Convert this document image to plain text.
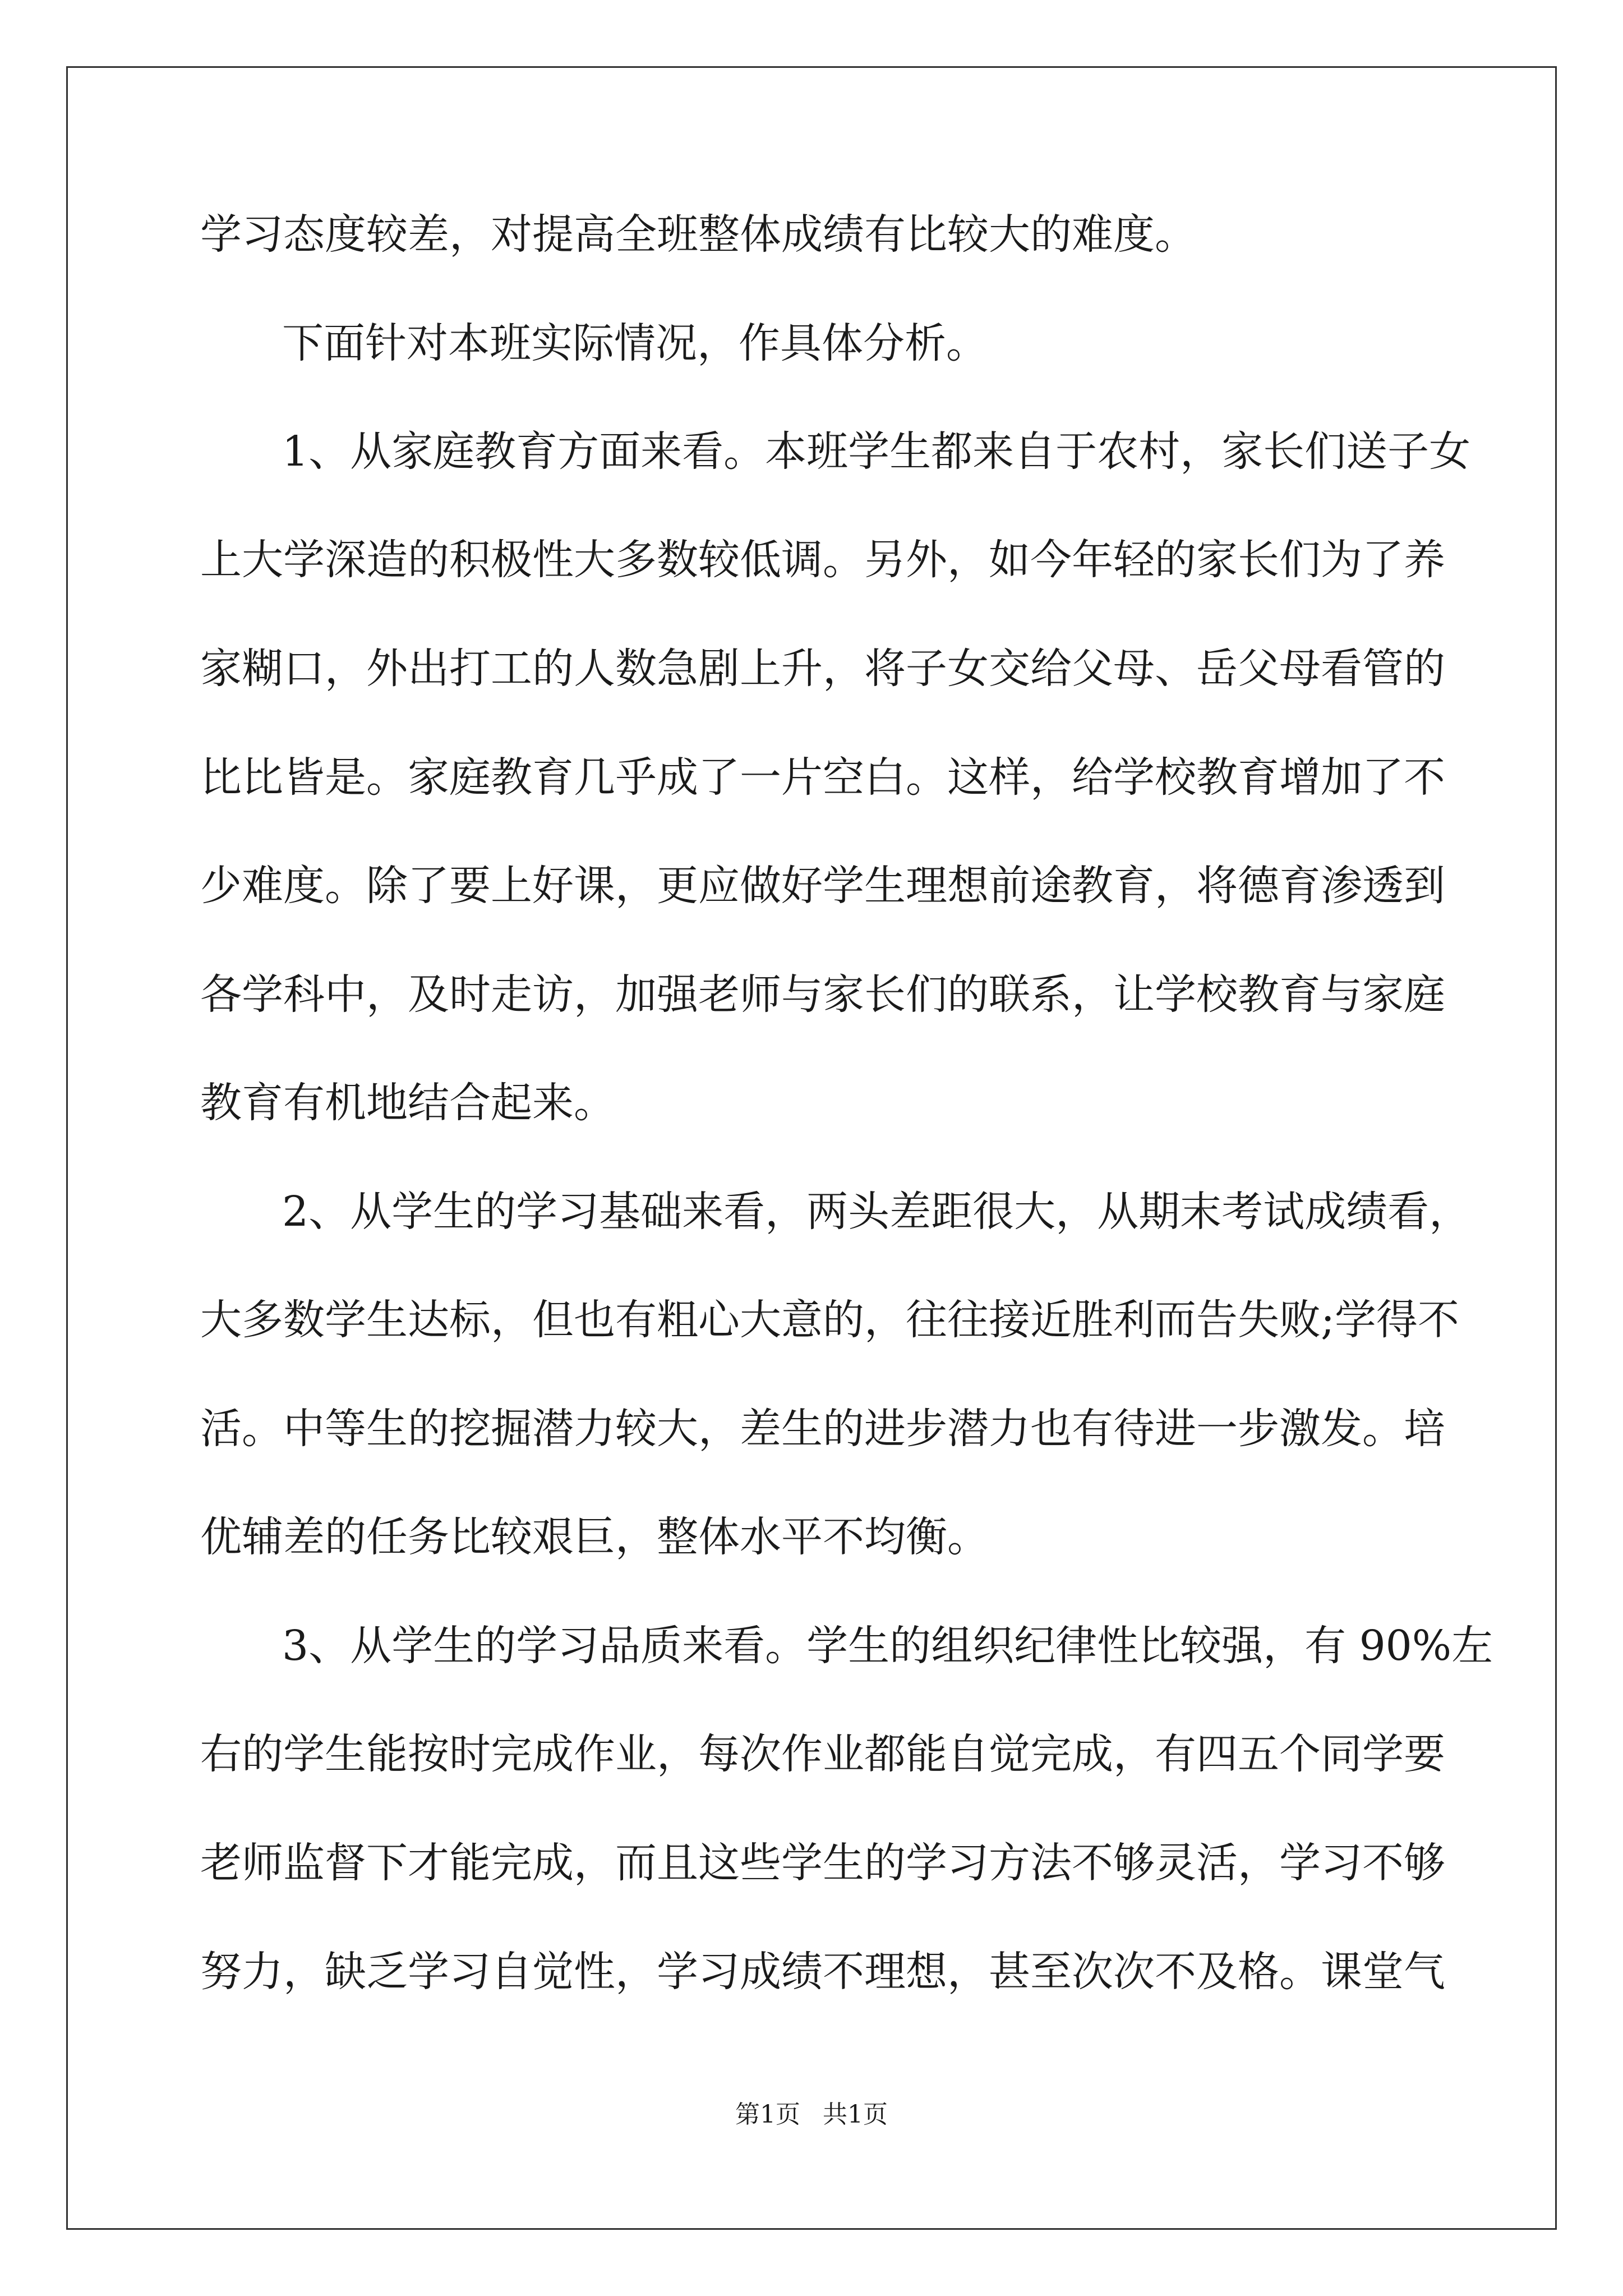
学习态度较差，对提高全班整体成绩有比较大的难度。
下面针对本班实际情况，作具体分析。
1、从家庭教育方面来看。本班学生都来自于农村，家长们送子女
上大学深造的积极性大多数较低调。另外，如今年轻的家长们为了养
家糊口，外出打工的人数急剧上升，将子女交给父母、岳父母看管的
比比皆是。家庭教育几乎成了一片空白。这样，给学校教育增加了不
少难度。除了要上好课，更应做好学生理想前途教育，将德育渗透到
各学科中，及时走访，加强老师与家长们的联系，让学校教育与家庭
教育有机地结合起来。
2、从学生的学习基础来看，两头差距很大，从期末考试成绩看，
大多数学生达标，但也有粗心大意的，往往接近胜利而告失败;学得不
活。中等生的挖掘潜力较大，差生的进步潜力也有待进一步激发。培
优辅差的任务比较艰巨，整体水平不均衡。
3、从学生的学习品质来看。学生的组织纪律性比较强，有 90%左
右的学生能按时完成作业，每次作业都能自觉完成，有四五个同学要
老师监督下才能完成，而且这些学生的学习方法不够灵活，学习不够
努力，缺乏学习自觉性，学习成绩不理想，甚至次次不及格。课堂气
第1页 共1页
